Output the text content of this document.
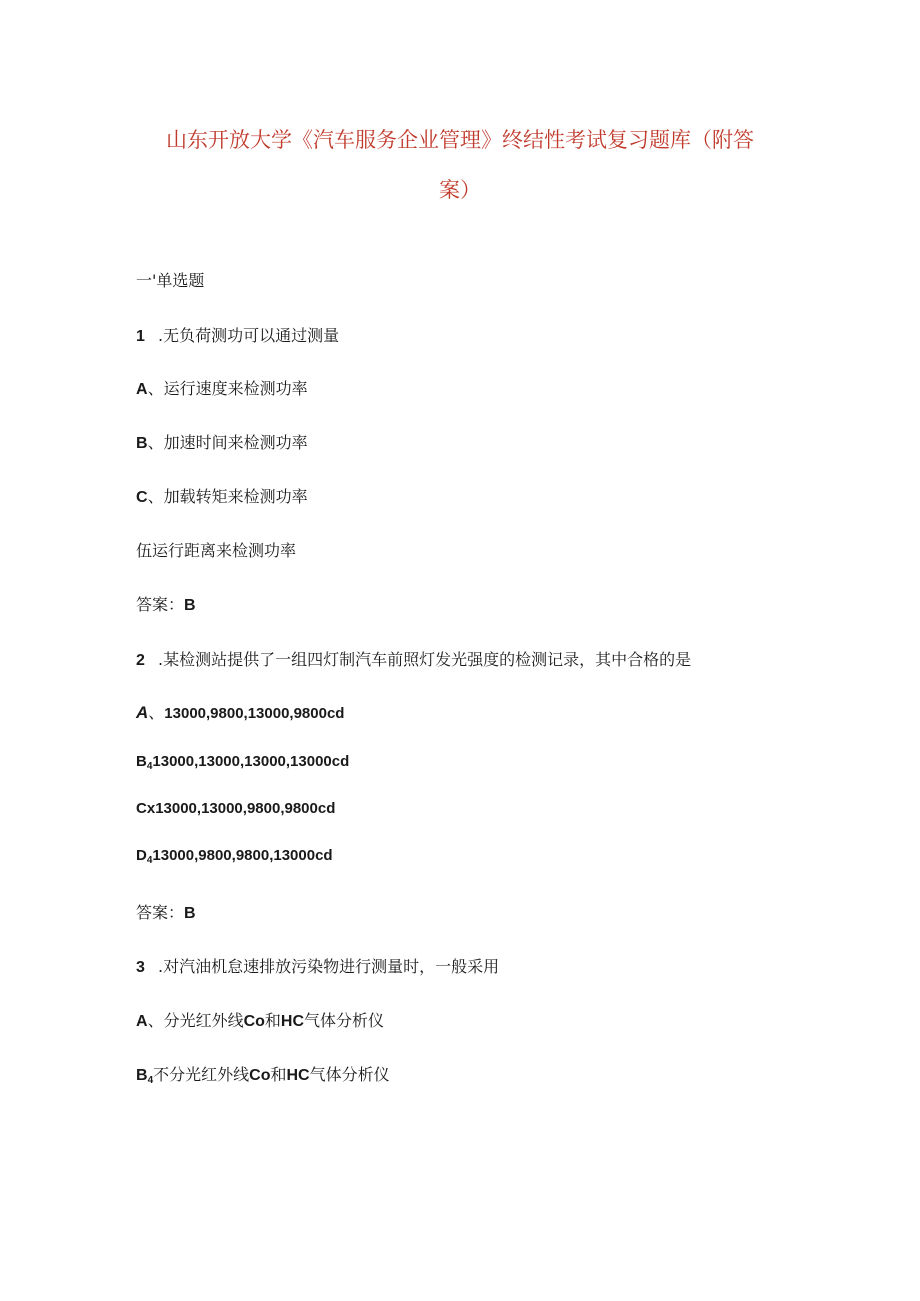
山东开放大学《汽车服务企业管理》终结性考试复习题库（附答
案）
一'单选题
1 .无负荷测功可以通过测量
A、运行速度来检测功率
B、加速时间来检测功率
C、加载转矩来检测功率
伍运行距离来检测功率
答案：B
2 .某检测站提供了一组四灯制汽车前照灯发光强度的检测记录，其中合格的是
A、13000,9800,13000,9800cd
$B_413000,13000,13000,13000cd$
Cx13000,13000,9800,9800cd
$D_413000,9800,9800,13000cd$
答案：B
3 .对汽油机怠速排放污染物进行测量时，一般采用
A、分光红外线Co和HC气体分析仪
$B_4$不分光红外线Co和HC气体分析仪
